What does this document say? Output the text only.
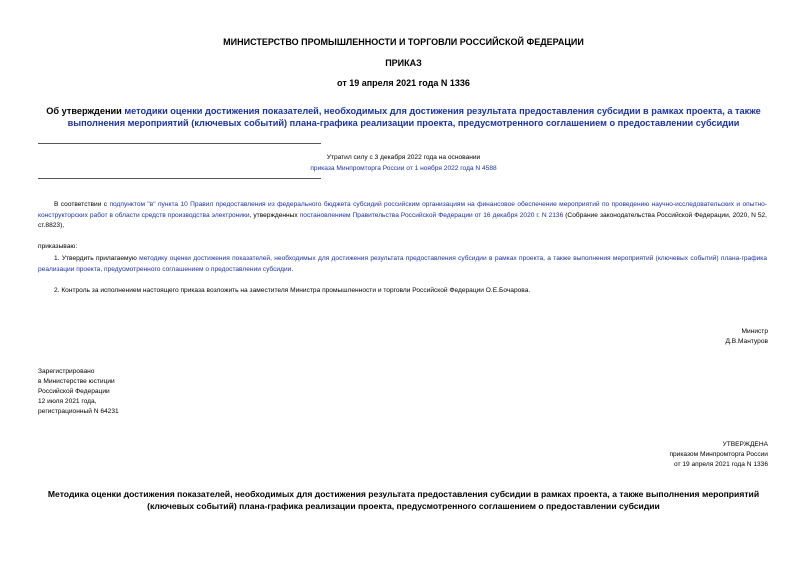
МИНИСТЕРСТВО ПРОМЫШЛЕННОСТИ И ТОРГОВЛИ РОССИЙСКОЙ ФЕДЕРАЦИИ
ПРИКАЗ
от 19 апреля 2021 года N 1336
Об утверждении методики оценки достижения показателей, необходимых для достижения результата предоставления субсидии в рамках проекта, а также выполнения мероприятий (ключевых событий) плана-графика реализации проекта, предусмотренного соглашением о предоставлении субсидии
Утратил силу с 3 декабря 2022 года на основании
приказа Минпромторга России от 1 ноября 2022 года N 4588
В соответствии с подпунктом "в" пункта 10 Правил предоставления из федерального бюджета субсидий российским организациям на финансовое обеспечение мероприятий по проведению научно-исследовательских и опытно-конструкторских работ в области средств производства электроники, утвержденных постановлением Правительства Российской Федерации от 16 декабря 2020 г. N 2136 (Собрание законодательства Российской Федерации, 2020, N 52, ст.8823),
приказываю:
1. Утвердить прилагаемую методику оценки достижения показателей, необходимых для достижения результата предоставления субсидии в рамках проекта, а также выполнения мероприятий (ключевых событий) плана-графика реализации проекта, предусмотренного соглашением о предоставлении субсидии.
2. Контроль за исполнением настоящего приказа возложить на заместителя Министра промышленности и торговли Российской Федерации О.Е.Бочарова.
Министр
Д.В.Мантуров
Зарегистрировано
в Министерстве юстиции
Российской Федерации
12 июля 2021 года,
регистрационный N 64231
УТВЕРЖДЕНА
приказом Минпромторга России
от 19 апреля 2021 года N 1336
Методика оценки достижения показателей, необходимых для достижения результата предоставления субсидии в рамках проекта, а также выполнения мероприятий (ключевых событий) плана-графика реализации проекта, предусмотренного соглашением о предоставлении субсидии
